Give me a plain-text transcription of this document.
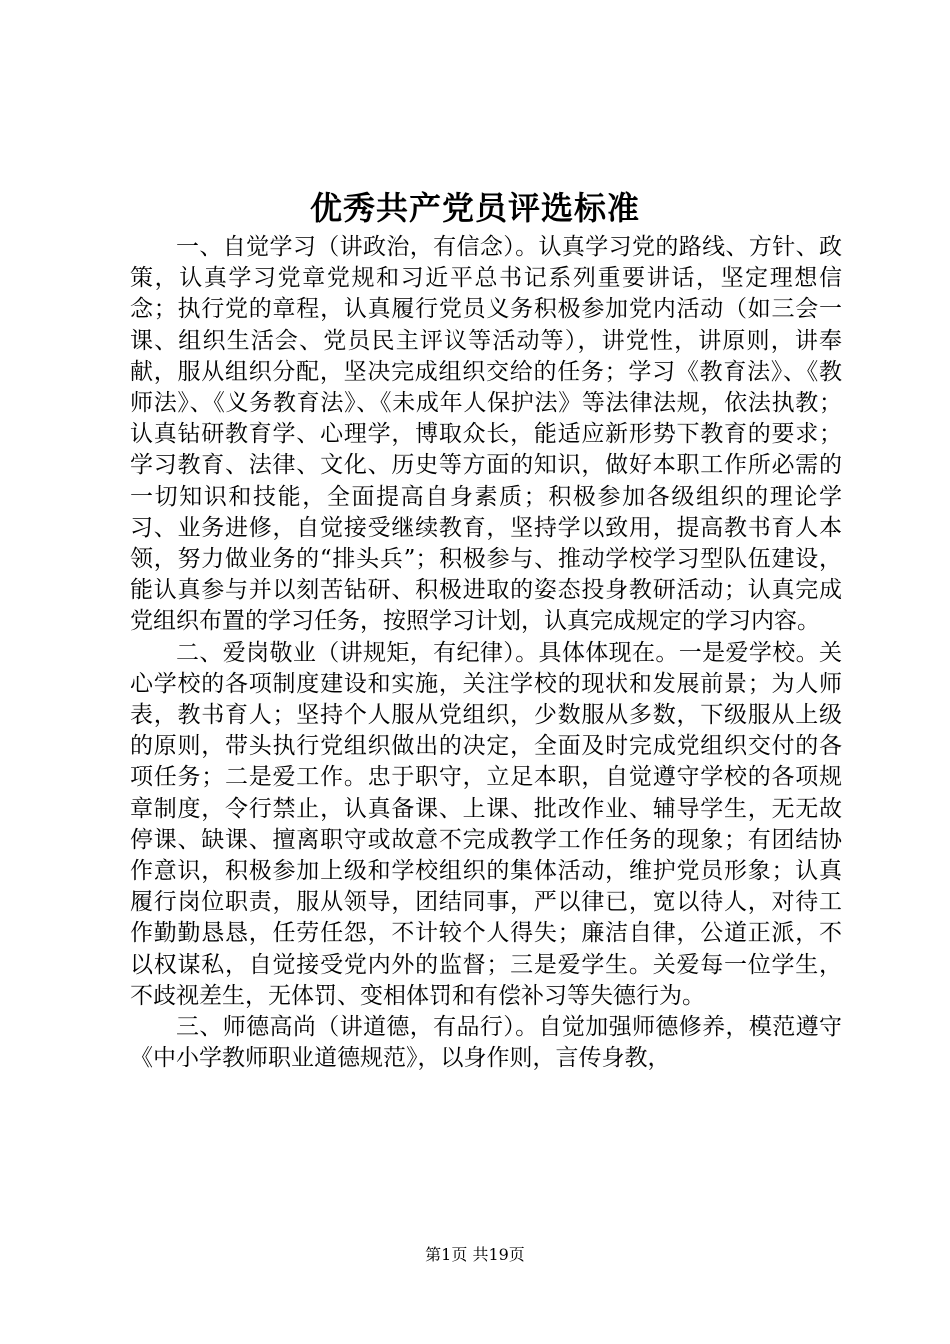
优秀共产党员评选标准

一、自觉学习（讲政治，有信念）。认真学习党的路线、方针、政策，认真学习党章党规和习近平总书记系列重要讲话，坚定理想信念；执行党的章程，认真履行党员义务积极参加党内活动（如三会一课、组织生活会、党员民主评议等活动等），讲党性，讲原则，讲奉献，服从组织分配，坚决完成组织交给的任务；学习《教育法》、《教师法》、《义务教育法》、《未成年人保护法》等法律法规，依法执教；认真钻研教育学、心理学，博取众长，能适应新形势下教育的要求；学习教育、法律、文化、历史等方面的知识，做好本职工作所必需的一切知识和技能，全面提高自身素质；积极参加各级组织的理论学习、业务进修，自觉接受继续教育，坚持学以致用，提高教书育人本领，努力做业务的“排头兵”；积极参与、推动学校学习型队伍建设，能认真参与并以刻苦钻研、积极进取的姿态投身教研活动；认真完成党组织布置的学习任务，按照学习计划，认真完成规定的学习内容。

二、爱岗敬业（讲规矩，有纪律）。具体体现在。一是爱学校。关心学校的各项制度建设和实施，关注学校的现状和发展前景；为人师表，教书育人；坚持个人服从党组织，少数服从多数，下级服从上级的原则，带头执行党组织做出的决定，全面及时完成党组织交付的各项任务；二是爱工作。忠于职守，立足本职，自觉遵守学校的各项规章制度，令行禁止，认真备课、上课、批改作业、辅导学生，无无故停课、缺课、擅离职守或故意不完成教学工作任务的现象；有团结协作意识，积极参加上级和学校组织的集体活动，维护党员形象；认真履行岗位职责，服从领导，团结同事，严以律已，宽以待人，对待工作勤勤恳恳，任劳任怨，不计较个人得失；廉洁自律，公道正派，不以权谋私，自觉接受党内外的监督；三是爱学生。关爱每一位学生，不歧视差生，无体罚、变相体罚和有偿补习等失德行为。

三、师德高尚（讲道德，有品行）。自觉加强师德修养，模范遵守《中小学教师职业道德规范》，以身作则，言传身教，

第1页 共19页
